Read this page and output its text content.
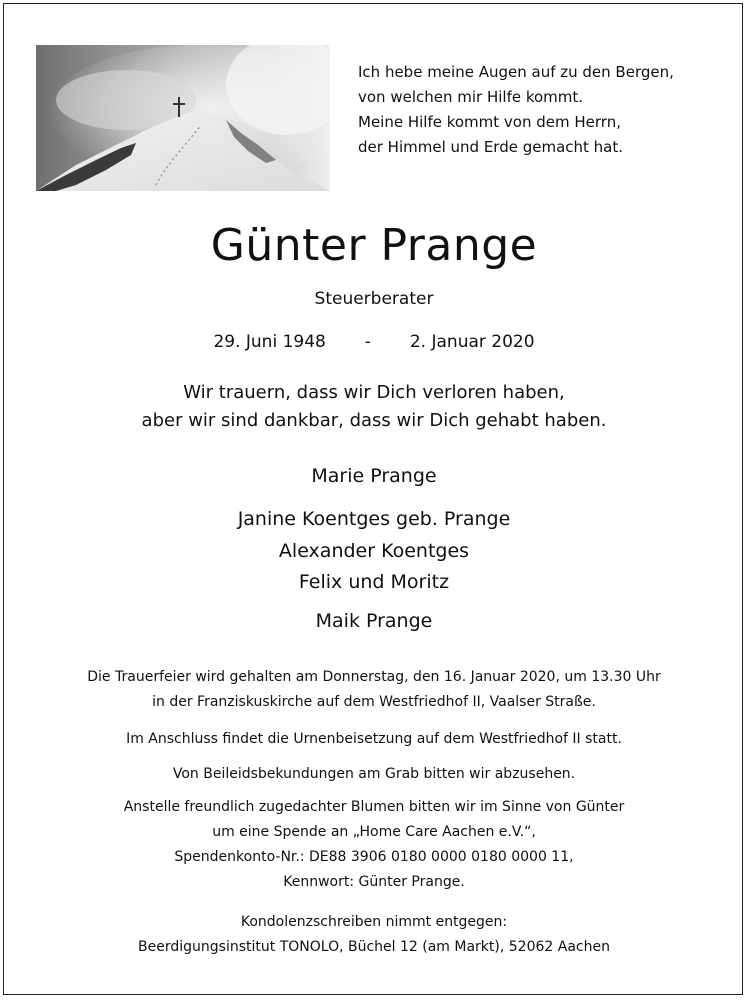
Ich hebe meine Augen auf zu den Bergen,
von welchen mir Hilfe kommt.
Meine Hilfe kommt von dem Herrn,
der Himmel und Erde gemacht hat.
Günter Prange
Steuerberater
29. Juni 1948 - 2. Januar 2020
Wir trauern, dass wir Dich verloren haben,
aber wir sind dankbar, dass wir Dich gehabt haben.
Marie Prange
Janine Koentges geb. Prange
Alexander Koentges
Felix und Moritz
Maik Prange
Die Trauerfeier wird gehalten am Donnerstag, den 16. Januar 2020, um 13.30 Uhr
in der Franziskuskirche auf dem Westfriedhof II, Vaalser Straße.
Im Anschluss findet die Urnenbeisetzung auf dem Westfriedhof II statt.
Von Beileidsbekundungen am Grab bitten wir abzusehen.
Anstelle freundlich zugedachter Blumen bitten wir im Sinne von Günter
um eine Spende an „Home Care Aachen e.V.“,
Spendenkonto-Nr.: DE88 3906 0180 0000 0180 0000 11,
Kennwort: Günter Prange.
Kondolenzschreiben nimmt entgegen:
Beerdigungsinstitut TONOLO, Büchel 12 (am Markt), 52062 Aachen
